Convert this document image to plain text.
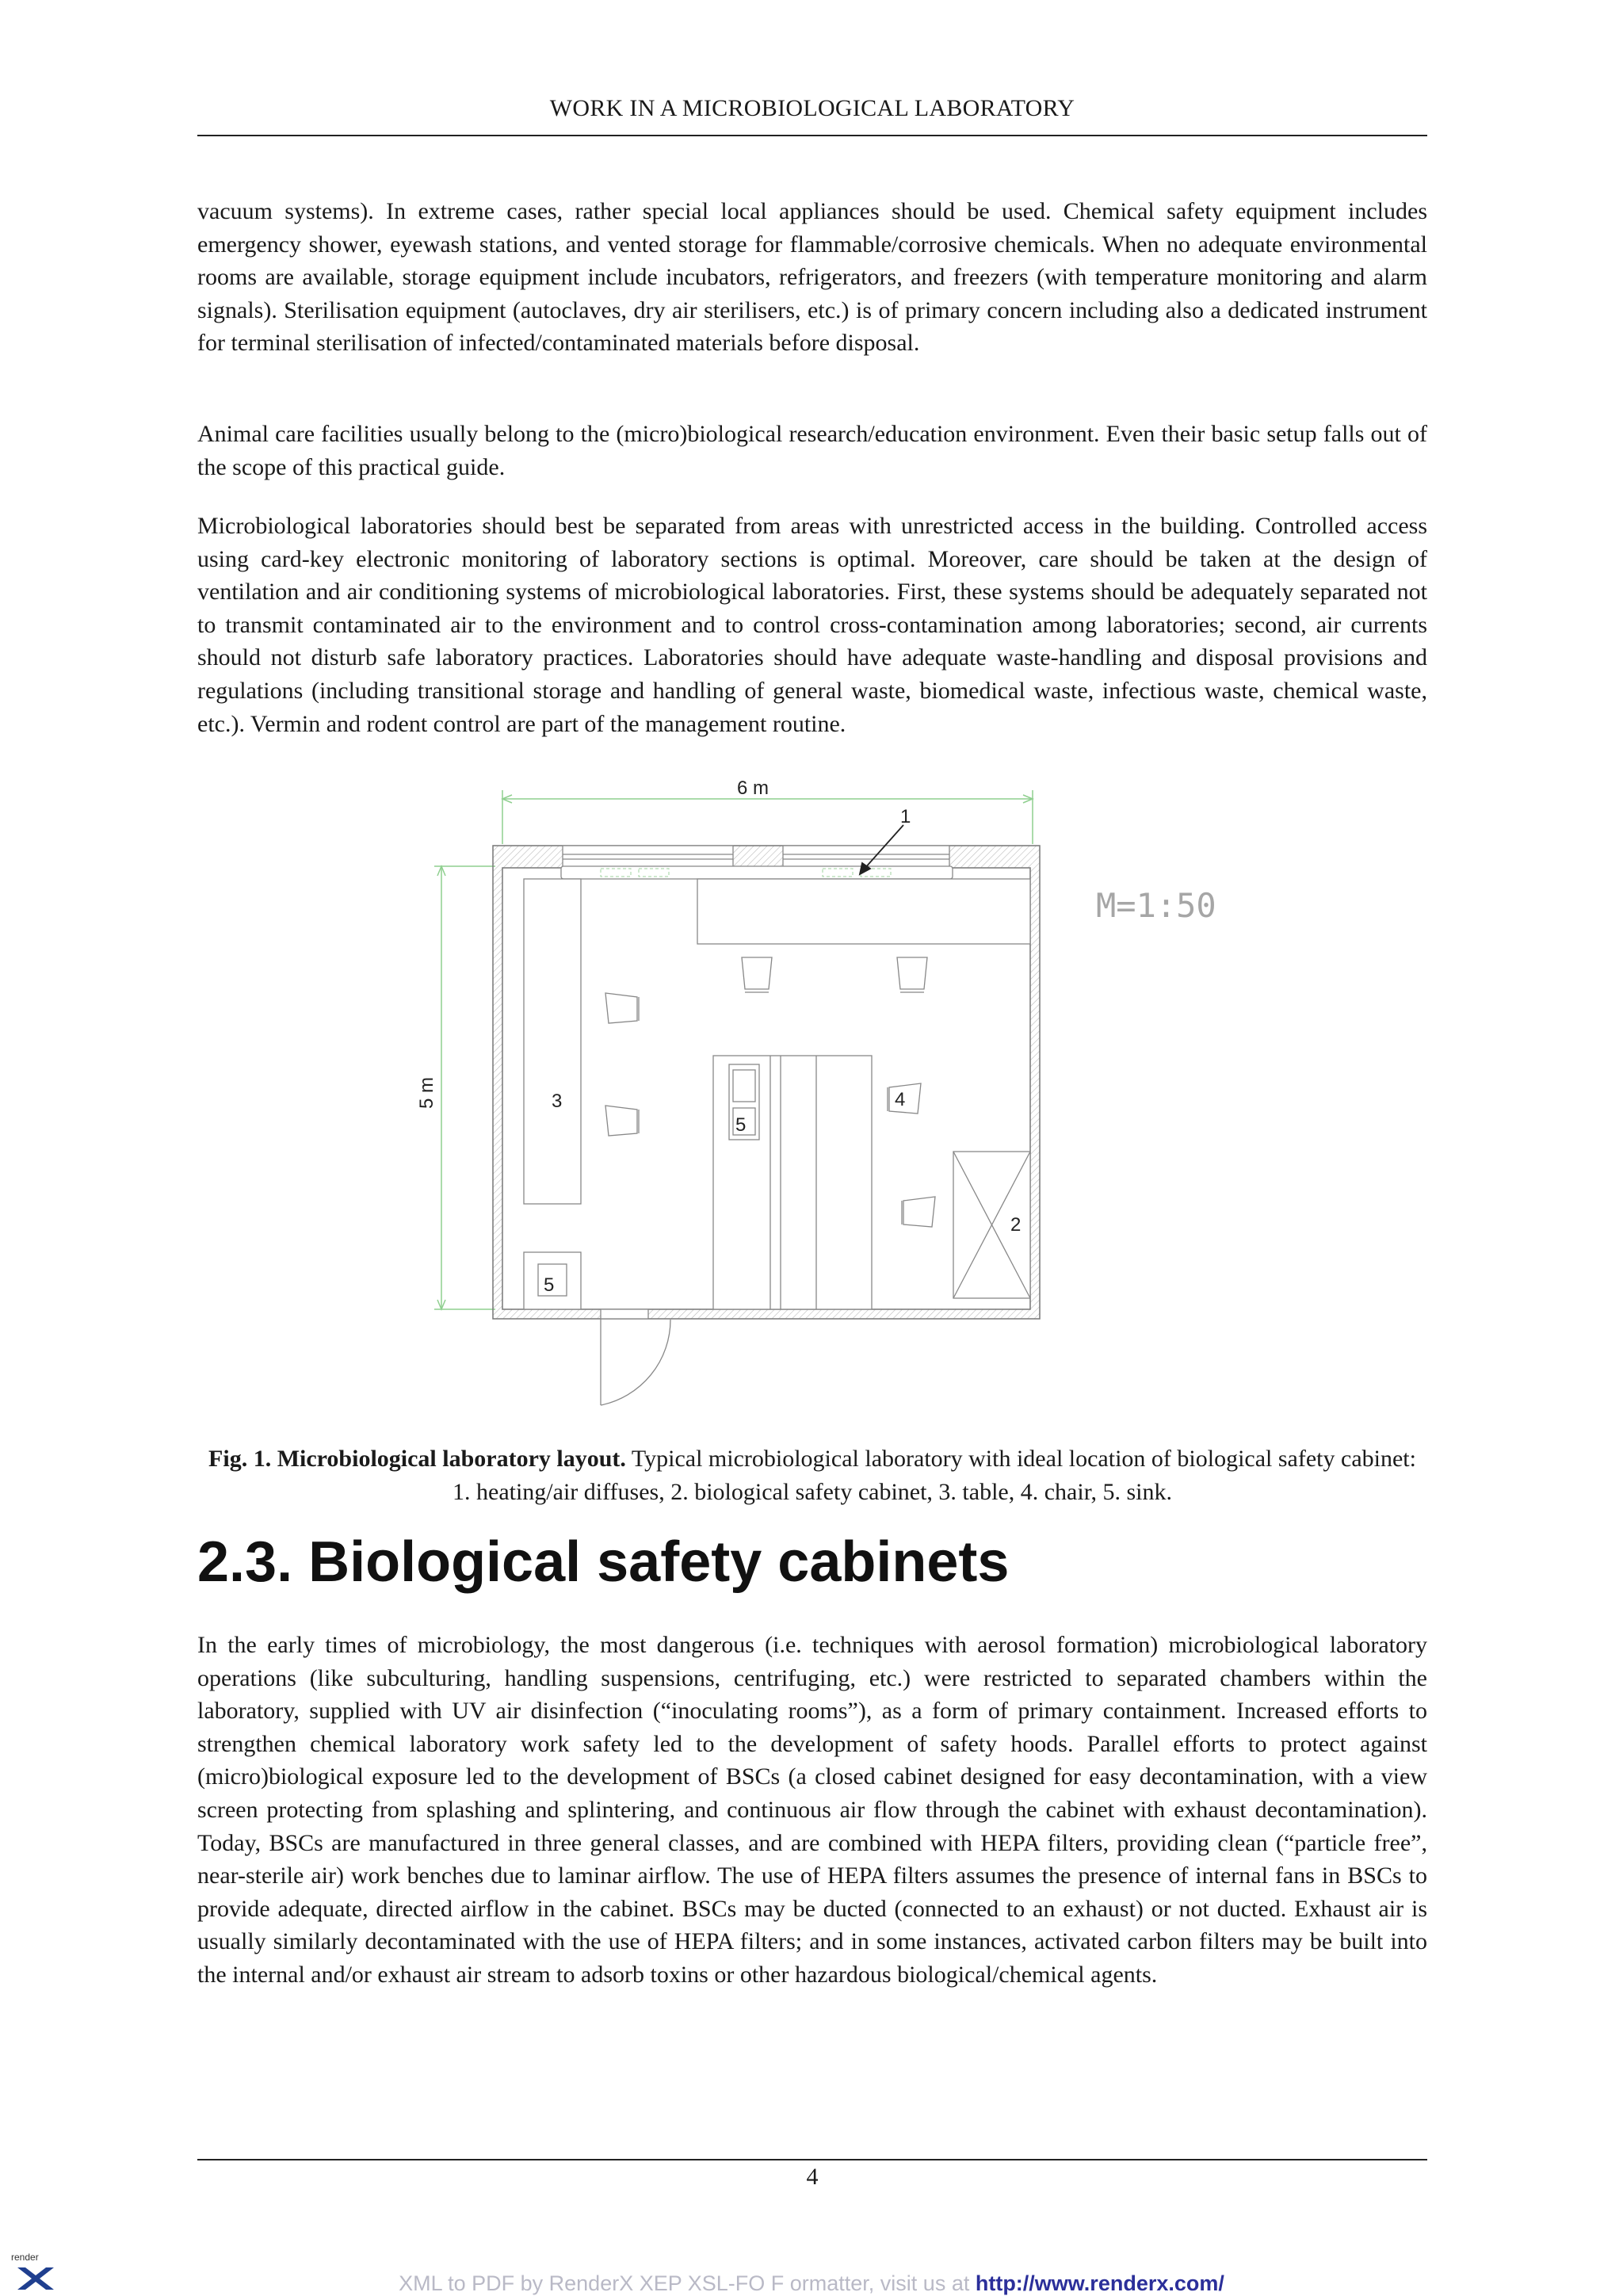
WORK IN A MICROBIOLOGICAL LABORATORY

vacuum systems). In extreme cases, rather special local appliances should be used. Chemical safety equipment includes emergency shower, eyewash stations, and vented storage for flammable/corrosive chemicals. When no adequate environmental rooms are available, storage equipment include incubators, refrigerators, and freezers (with temperature monitoring and alarm signals). Sterilisation equipment (autoclaves, dry air sterilisers, etc.) is of primary concern including also a dedicated instrument for terminal sterilisation of infected/contaminated materials before disposal.

Animal care facilities usually belong to the (micro)biological research/education environment. Even their basic setup falls out of the scope of this practical guide.

Microbiological laboratories should best be separated from areas with unrestricted access in the building. Controlled access using card-key electronic monitoring of laboratory sections is optimal. Moreover, care should be taken at the design of ventilation and air conditioning systems of microbiological laboratories. First, these systems should be adequately separated not to transmit contaminated air to the environment and to control cross-contamination among laboratories; second, air currents should not disturb safe laboratory practices. Laboratories should have adequate waste-handling and disposal provisions and regulations (including transitional storage and handling of general waste, biomedical waste, infectious waste, chemical waste, etc.). Vermin and rodent control are part of the management routine.

6 m
5 m
1
3
5
5
2
4
M=1:50

Fig. 1. Microbiological laboratory layout. Typical microbiological laboratory with ideal location of biological safety cabinet: 1. heating/air diffuses, 2. biological safety cabinet, 3. table, 4. chair, 5. sink.

2.3. Biological safety cabinets

In the early times of microbiology, the most dangerous (i.e. techniques with aerosol formation) microbiological laboratory operations (like subculturing, handling suspensions, centrifuging, etc.) were restricted to separated chambers within the laboratory, supplied with UV air disinfection (“inoculating rooms”), as a form of primary containment. Increased efforts to strengthen chemical laboratory work safety led to the development of safety hoods. Parallel efforts to protect against (micro)biological exposure led to the development of BSCs (a closed cabinet designed for easy decontamination, with a view screen protecting from splashing and splintering, and continuous air flow through the cabinet with exhaust decontamination). Today, BSCs are manufactured in three general classes, and are combined with HEPA filters, providing clean (“particle free”, near-sterile air) work benches due to laminar airflow. The use of HEPA filters assumes the presence of internal fans in BSCs to provide adequate, directed airflow in the cabinet. BSCs may be ducted (connected to an exhaust) or not ducted. Exhaust air is usually similarly decontaminated with the use of HEPA filters; and in some instances, activated carbon filters may be built into the internal and/or exhaust air stream to adsorb toxins or other hazardous biological/chemical agents.

4
render
XML to PDF by RenderX XEP XSL-FO F ormatter, visit us at http://www.renderx.com/
